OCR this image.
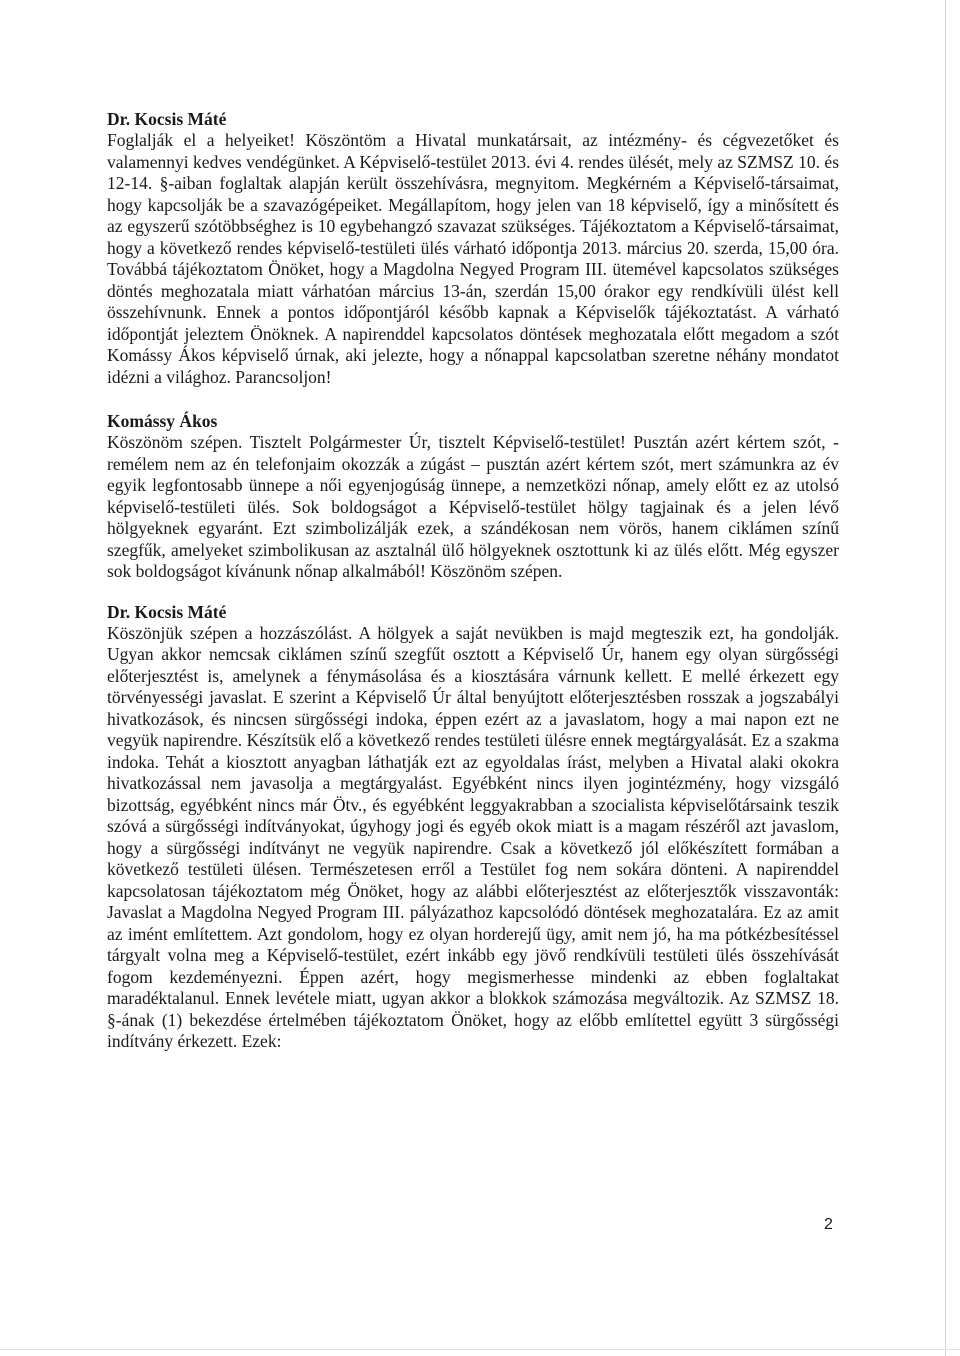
Dr. Kocsis Máté

Foglalják el a helyeiket! Köszöntöm a Hivatal munkatársait, az intézmény- és cégvezetőket és valamennyi kedves vendégünket. A Képviselő-testület 2013. évi 4. rendes ülését, mely az SZMSZ 10. és 12-14. §-aiban foglaltak alapján került összehívásra, megnyitom. Megkérném a Képviselő-társaimat, hogy kapcsolják be a szavazógépeiket. Megállapítom, hogy jelen van 18 képviselő, így a minősített és az egyszerű szótöbbséghez is 10 egybehangzó szavazat szükséges. Tájékoztatom a Képviselő-társaimat, hogy a következő rendes képviselő-testületi ülés várható időpontja 2013. március 20. szerda, 15,00 óra. Továbbá tájékoztatom Önöket, hogy a Magdolna Negyed Program III. ütemével kapcsolatos szükséges döntés meghozatala miatt várhatóan március 13-án, szerdán 15,00 órakor egy rendkívüli ülést kell összehívnunk. Ennek a pontos időpontjáról később kapnak a Képviselők tájékoztatást. A várható időpontját jeleztem Önöknek. A napirenddel kapcsolatos döntések meghozatala előtt megadom a szót Komássy Ákos képviselő úrnak, aki jelezte, hogy a nőnappal kapcsolatban szeretne néhány mondatot idézni a világhoz. Parancsoljon!

Komássy Ákos

Köszönöm szépen. Tisztelt Polgármester Úr, tisztelt Képviselő-testület! Pusztán azért kértem szót, - remélem nem az én telefonjaim okozzák a zúgást – pusztán azért kértem szót, mert számunkra az év egyik legfontosabb ünnepe a női egyenjogúság ünnepe, a nemzetközi nőnap, amely előtt ez az utolsó képviselő-testületi ülés. Sok boldogságot a Képviselő-testület hölgy tagjainak és a jelen lévő hölgyeknek egyaránt. Ezt szimbolizálják ezek, a szándékosan nem vörös, hanem ciklámen színű szegfűk, amelyeket szimbolikusan az asztalnál ülő hölgyeknek osztottunk ki az ülés előtt. Még egyszer sok boldogságot kívánunk nőnap alkalmából! Köszönöm szépen.

Dr. Kocsis Máté

Köszönjük szépen a hozzászólást. A hölgyek a saját nevükben is majd megteszik ezt, ha gondolják. Ugyan akkor nemcsak ciklámen színű szegfűt osztott a Képviselő Úr, hanem egy olyan sürgősségi előterjesztést is, amelynek a fénymásolása és a kiosztására várnunk kellett. E mellé érkezett egy törvényességi javaslat. E szerint a Képviselő Úr által benyújtott előterjesztésben rosszak a jogszabályi hivatkozások, és nincsen sürgősségi indoka, éppen ezért az a javaslatom, hogy a mai napon ezt ne vegyük napirendre. Készítsük elő a következő rendes testületi ülésre ennek megtárgyalását. Ez a szakma indoka. Tehát a kiosztott anyagban láthatják ezt az egyoldalas írást, melyben a Hivatal alaki okokra hivatkozással nem javasolja a megtárgyalást. Egyébként nincs ilyen jogintézmény, hogy vizsgáló bizottság, egyébként nincs már Ötv., és egyébként leggyakrabban a szocialista képviselőtársaink teszik szóvá a sürgősségi indítványokat, úgyhogy jogi és egyéb okok miatt is a magam részéről azt javaslom, hogy a sürgősségi indítványt ne vegyük napirendre. Csak a következő jól előkészített formában a következő testületi ülésen. Természetesen erről a Testület fog nem sokára dönteni. A napirenddel kapcsolatosan tájékoztatom még Önöket, hogy az alábbi előterjesztést az előterjesztők visszavonták: Javaslat a Magdolna Negyed Program III. pályázathoz kapcsolódó döntések meghozatalára. Ez az amit az imént említettem. Azt gondolom, hogy ez olyan horderejű ügy, amit nem jó, ha ma pótkézbesítéssel tárgyalt volna meg a Képviselő-testület, ezért inkább egy jövő rendkívüli testületi ülés összehívását fogom kezdeményezni. Éppen azért, hogy megismerhesse mindenki az ebben foglaltakat maradéktalanul. Ennek levétele miatt, ugyan akkor a blokkok számozása megváltozik. Az SZMSZ 18. §-ának (1) bekezdése értelmében tájékoztatom Önöket, hogy az előbb említettel együtt 3 sürgősségi indítvány érkezett. Ezek:

2
